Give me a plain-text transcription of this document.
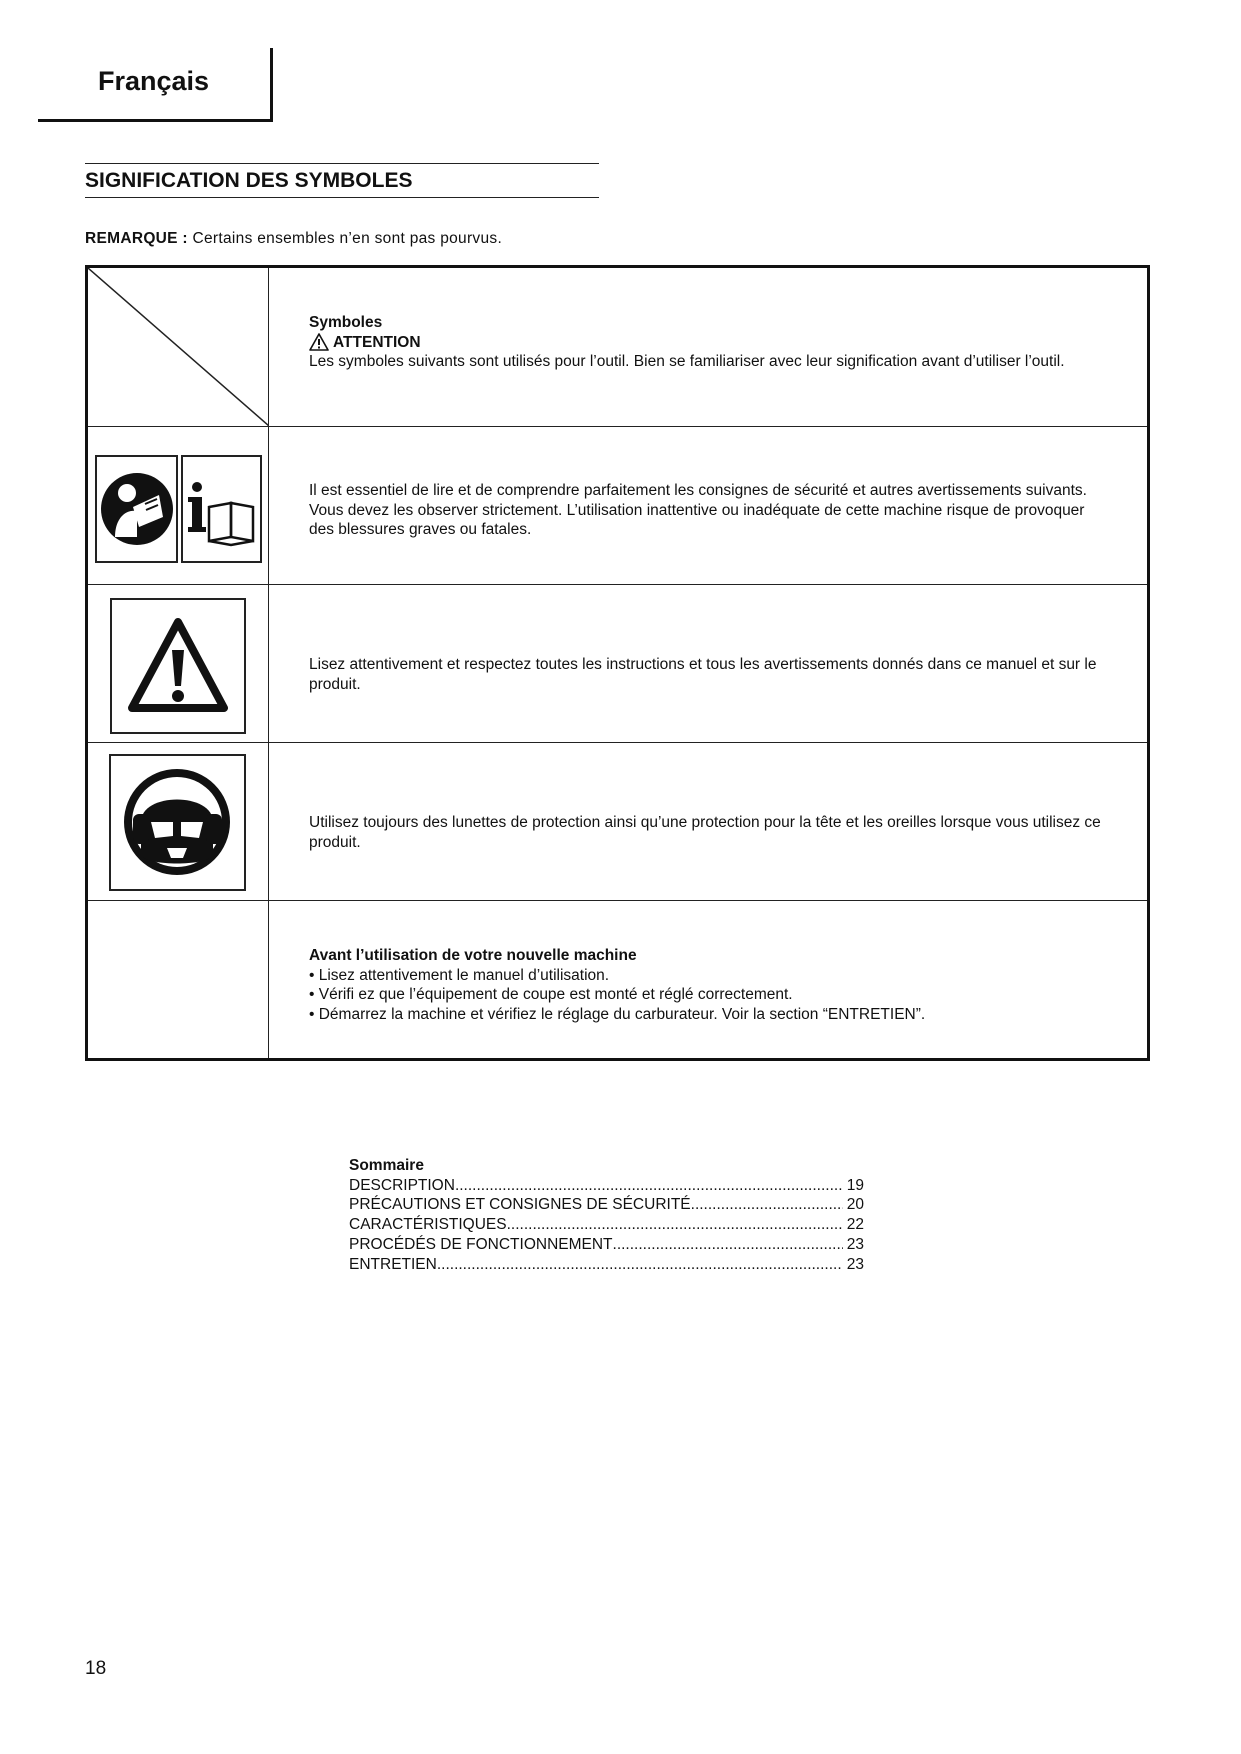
Français
SIGNIFICATION DES SYMBOLES
REMARQUE : Certains ensembles n’en sont pas pourvus.
Symboles
ATTENTION
Les symboles suivants sont utilisés pour l’outil. Bien se familiariser avec leur signification avant d’utiliser l’outil.
Il est essentiel de lire et de comprendre parfaitement les consignes de sécurité et autres avertissements suivants. Vous devez les observer strictement. L’utilisation inattentive ou inadéquate de cette machine risque de provoquer des blessures graves ou fatales.
Lisez attentivement et respectez toutes les instructions et tous les avertissements donnés dans ce manuel et sur le produit.
Utilisez toujours des lunettes de protection ainsi qu’une protection pour la tête et les oreilles lorsque vous utilisez ce produit.
Avant l’utilisation de votre nouvelle machine
• Lisez attentivement le manuel d’utilisation.
• Vérifi ez que l’équipement de coupe est monté et réglé correctement.
• Démarrez la machine et vérifiez le réglage du carburateur. Voir la section “ENTRETIEN”.
Sommaire
DESCRIPTION .....	19
PRÉCAUTIONS ET CONSIGNES DE SÉCURITÉ .....	20
CARACTÉRISTIQUES .....	22
PROCÉDÉS DE FONCTIONNEMENT .....	23
ENTRETIEN .....	23
18
